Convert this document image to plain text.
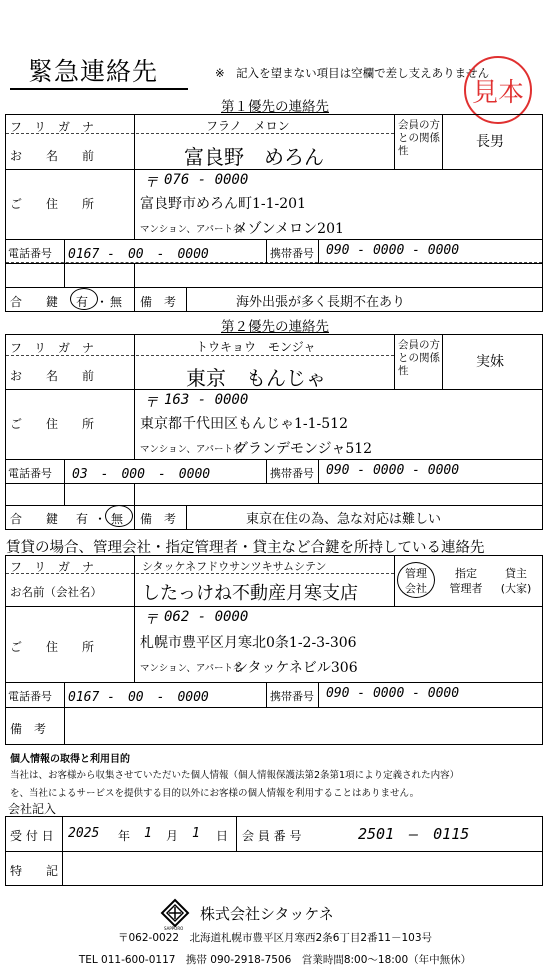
緊急連絡先	※　記入を望まない項目は空欄で差し支えありません
見本
第１優先の連絡先
フ　リ　ガ　ナ	フラノ　メロン
お　　名　　前	富良野　めろん
会員の方との関係性
長男
ご　　住　　所
〒 076 - 0000
富良野市めろん町1-1-201
マンション、アパート名
メゾンメロン201
電話番号 0167 -　00　-　0000	携帯番号 090 - 0000 - 0000
合　　鍵 有 ・ 無 備　考	海外出張が多く長期不在あり
第２優先の連絡先
フ　リ　ガ　ナ	トウキョウ　モンジャ
お　　名　　前	東京　もんじゃ
会員の方との関係性
実妹
ご　　住　　所
〒 163 - 0000
東京都千代田区もんじゃ1-1-512
マンション、アパート名
グランデモンジャ512
電話番号 03　-　000　-　0000	携帯番号 090 - 0000 - 0000
合　　鍵 有 ・ 無 備　考	東京在住の為、急な対応は難しい
賃貸の場合、管理会社・指定管理者・貸主など合鍵を所持している連絡先
フ　リ　ガ　ナ	シタッケネフドウサンツキサムシテン
お名前（会社名） したっけね不動産月寒支店
管理
会社
指定
管理者
貸主
(大家)
ご　　住　　所
〒 062 - 0000
札幌市豊平区月寒北0条1-2-3-306
マンション、アパート名
シタッケネビル306
電話番号 0167 -　00　-　0000	携帯番号 090 - 0000 - 0000
備　考
個人情報の取得と利用目的
当社は、お客様から収集させていただいた個人情報（個人情報保護法第2条第1項により定義された内容）
を、当社によるサービスを提供する目的以外にお客様の個人情報を利用することはありません。
会社記入
受 付 日 2025 年 1 月 1 日 会 員 番 号	2501　—　0115
特　　記
SAPPORO
株式会社シタッケネ
〒062-0022　北海道札幌市豊平区月寒西2条6丁目2番11－103号
TEL 011-600-0117　携帯 090-2918-7506　営業時間8:00～18:00（年中無休）
